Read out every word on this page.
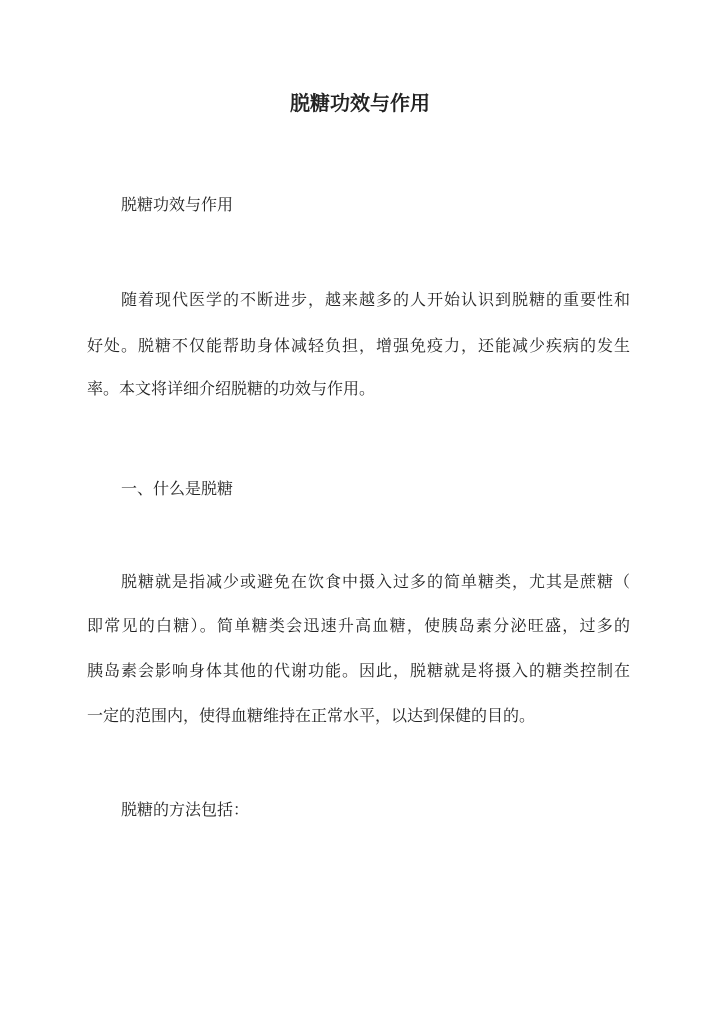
脱糖功效与作用

脱糖功效与作用

随着现代医学的不断进步，越来越多的人开始认识到脱糖的重要性和

好处。脱糖不仅能帮助身体减轻负担，增强免疫力，还能减少疾病的发生

率。本文将详细介绍脱糖的功效与作用。

一、什么是脱糖

脱糖就是指减少或避免在饮食中摄入过多的简单糖类，尤其是蔗糖（

即常见的白糖）。简单糖类会迅速升高血糖，使胰岛素分泌旺盛，过多的

胰岛素会影响身体其他的代谢功能。因此，脱糖就是将摄入的糖类控制在

一定的范围内，使得血糖维持在正常水平，以达到保健的目的。

脱糖的方法包括：
